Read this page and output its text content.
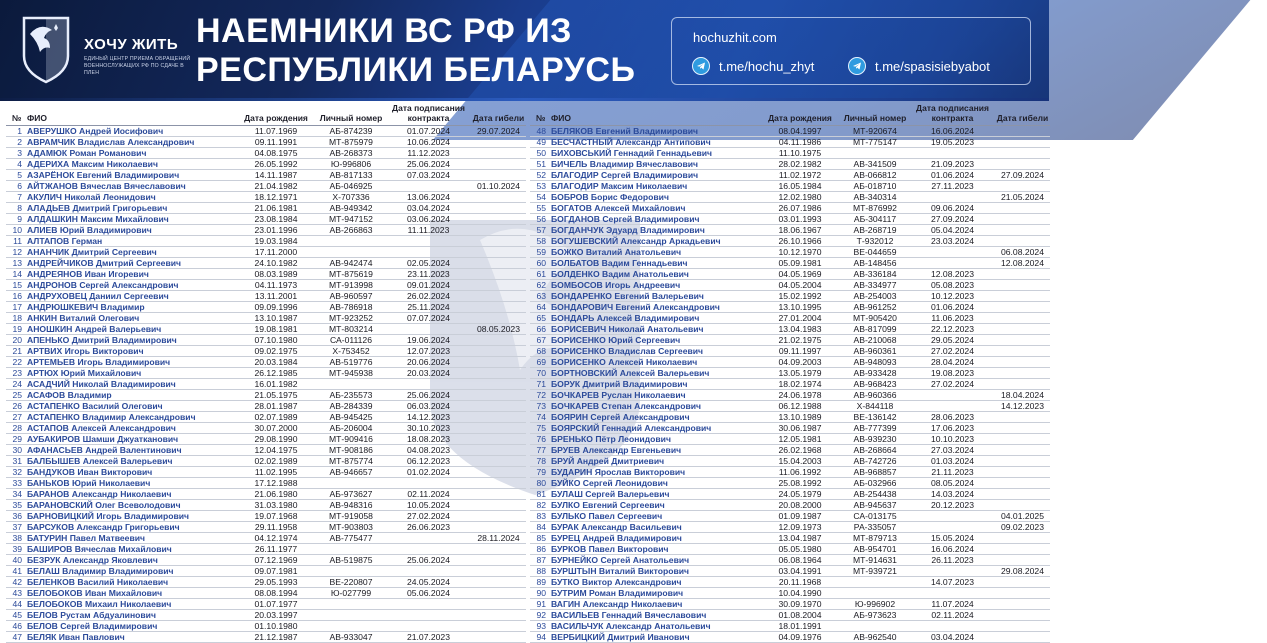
ХОЧУ ЖИТЬ
ЕДИНЫЙ ЦЕНТР ПРИЕМА ОБРАЩЕНИЙ ВОЕННОСЛУЖАЩИХ РФ ПО СДАЧЕ В ПЛЕН
НАЕМНИКИ ВС РФ ИЗ
РЕСПУБЛИКИ БЕЛАРУСЬ
hochuzhit.com
t.me/hochu_zhyt	t.me/spasisiebyabot
№	ФИО	Дата рождения	Личный номер	Дата подписания контракта	Дата гибели
1	АВЕРУШКО Андрей Иосифович	11.07.1969	АБ-874239	01.07.2024	29.07.2024
2	АВРАМЧИК Владислав Александрович	09.11.1991	МТ-875979	10.06.2024	
3	АДАМЮК Роман Романович	04.08.1975	АВ-268373	11.12.2023	
4	АДЕРИХА Максим Николаевич	26.05.1992	Ю-996806	25.06.2024	
5	АЗАРЁНОК Евгений Владимирович	14.11.1987	АВ-817133	07.03.2024	
6	АЙТЖАНОВ Вячеслав Вячеславович	21.04.1982	АБ-046925		01.10.2024
7	АКУЛИЧ Николай Леонидович	18.12.1971	Х-707336	13.06.2024	
8	АЛАДЬЕВ Дмитрий Григорьевич	21.06.1981	АВ-949342	03.04.2024	
9	АЛДАШКИН Максим Михайлович	23.08.1984	МТ-947152	03.06.2024	
10	АЛИЕВ Юрий Владимирович	23.01.1996	АВ-266863	11.11.2023	
11	АЛТАПОВ Герман	19.03.1984			
12	АНАНЧИК Дмитрий Сергеевич	17.11.2000			
13	АНДРЕЙЧИКОВ Дмитрий Сергеевич	24.10.1982	АВ-942474	02.05.2024	
14	АНДРЕЯНОВ Иван Игоревич	08.03.1989	МТ-875619	23.11.2023	
15	АНДРОНОВ Сергей Александрович	04.11.1973	МТ-913998	09.01.2024	
16	АНДРУХОВЕЦ Даниил Сергеевич	13.11.2001	АВ-960597	26.02.2024	
17	АНДРЮШКЕВИЧ Владимир	09.09.1996	АВ-786918	25.11.2024	
18	АНКИН Виталий Олегович	13.10.1987	МТ-923252	07.07.2024	
19	АНОШКИН Андрей Валерьевич	19.08.1981	МТ-803214		08.05.2023
20	АПЕНЬКО Дмитрий Владимирович	07.10.1980	СА-011126	19.06.2024	
21	АРТВИХ Игорь Викторович	09.02.1975	Х-753452	12.07.2023	
22	АРТЕМЬЕВ Игорь Владимирович	20.03.1984	АВ-519776	20.06.2024	
23	АРТЮХ Юрий Михайлович	26.12.1985	МТ-945938	20.03.2024	
24	АСАДЧИЙ Николай Владимирович	16.01.1982			
25	АСАФОВ Владимир	21.05.1975	АБ-235573	25.06.2024	
26	АСТАПЕНКО Василий Олегович	28.01.1987	АВ-284339	06.03.2024	
27	АСТАПЕНКО Владимир Александрович	02.07.1989	АВ-945425	14.12.2023	
28	АСТАПОВ Алексей Александрович	30.07.2000	АБ-206004	30.10.2023	
29	АУБАКИРОВ Шамши Джуатканович	29.08.1990	МТ-909416	18.08.2023	
30	АФАНАСЬЕВ Андрей Валентинович	12.04.1975	МТ-908186	04.08.2023	
31	БАЛБЫШЕВ Алексей Валерьевич	02.02.1989	МТ-875774	06.12.2023	
32	БАНДУКОВ Иван Викторович	11.02.1995	АВ-946657	01.02.2024	
33	БАНЬКОВ Юрий Николаевич	17.12.1988			
34	БАРАНОВ Александр Николаевич	21.06.1980	АБ-973627	02.11.2024	
35	БАРАНОВСКИЙ Олег Всеволодович	31.03.1980	АВ-948316	10.05.2024	
36	БАРНОВИЦКИЙ Игорь Владимирович	19.07.1968	МТ-919058	27.02.2024	
37	БАРСУКОВ Александр Григорьевич	29.11.1958	МТ-903803	26.06.2023	
38	БАТУРИН Павел Матвеевич	04.12.1974	АВ-775477		28.11.2024
39	БАШИРОВ Вячеслав Михайлович	26.11.1977			
40	БЕЗРУК Александр Яковлевич	07.12.1969	АВ-519875	25.06.2024	
41	БЕЛАШ Владимир Владимирович	09.07.1981			
42	БЕЛЕНКОВ Василий Николаевич	29.05.1993	ВЕ-220807	24.05.2024	
43	БЕЛОБОКОВ Иван Михайлович	08.08.1994	Ю-027799	05.06.2024	
44	БЕЛОБОКОВ Михаил Николаевич	01.07.1977			
45	БЕЛОВ Рустам Абдуалинович	20.03.1997			
46	БЕЛОВ Сергей Владимирович	01.10.1980			
47	БЕЛЯК Иван Павлович	21.12.1987	АВ-933047	21.07.2023	
№	ФИО	Дата рождения	Личный номер	Дата подписания контракта	Дата гибели
48	БЕЛЯКОВ Евгений Владимирович	08.04.1997	МТ-920674	16.06.2024	
49	БЕСЧАСТНЫЙ Александр Антипович	04.11.1986	МТ-775147	19.05.2023	
50	БИХОВСЬКИЙ Геннадий Геннадьевич	11.10.1975			
51	БИЧЕЛЬ Владимир Вячеславович	28.02.1982	АВ-341509	21.09.2023	
52	БЛАГОДИР Сергей Владимирович	11.02.1972	АВ-066812	01.06.2024	27.09.2024
53	БЛАГОДИР Максим Николаевич	16.05.1984	АБ-018710	27.11.2023	
54	БОБРОВ Борис Федорович	12.02.1980	АВ-340314		21.05.2024
55	БОГАТОВ Алексей Михайлович	26.07.1986	МТ-876992	09.06.2024	
56	БОГДАНОВ Сергей Владимирович	03.01.1993	АБ-304117	27.09.2024	
57	БОГДАНЧУК Эдуард Владимирович	18.06.1967	АВ-268719	05.04.2024	
58	БОГУШЕВСКИЙ Александр Аркадьевич	26.10.1966	Т-932012	23.03.2024	
59	БОЖКО Виталий Анатольевич	10.12.1970	ВЕ-044659		06.08.2024
60	БОЛБАТОВ Вадим Геннадьевич	05.09.1981	АВ-148456		12.08.2024
61	БОЛДЕНКО Вадим Анатольевич	04.05.1969	АВ-336184	12.08.2023	
62	БОМБОСОВ Игорь Андреевич	04.05.2004	АВ-334977	05.08.2023	
63	БОНДАРЕНКО Евгений Валерьевич	15.02.1992	АВ-254003	10.12.2023	
64	БОНДАРОВИЧ Евгений Александрович	13.10.1995	АВ-961252	01.06.2024	
65	БОНДАРЬ Алексей Владимирович	27.01.2004	МТ-905420	11.06.2023	
66	БОРИСЕВИЧ Николай Анатольевич	13.04.1983	АВ-817099	22.12.2023	
67	БОРИСЕНКО Юрий Сергеевич	21.02.1975	АВ-210068	29.05.2024	
68	БОРИСЕНКО Владислав Сергеевич	09.11.1997	АВ-960361	27.02.2024	
69	БОРИСЕНКО Алексей Николаевич	04.09.2003	АВ-948093	28.04.2024	
70	БОРТНОВСКИЙ Алексей Валерьевич	13.05.1979	АВ-933428	19.08.2023	
71	БОРУК Дмитрий Владимирович	18.02.1974	АВ-968423	27.02.2024	
72	БОЧКАРЕВ Руслан Николаевич	24.06.1978	АВ-960366		18.04.2024
73	БОЧКАРЕВ Степан Александрович	06.12.1988	Х-844118		14.12.2023
74	БОЯРИН Сергей Александрович	13.10.1989	ВЕ-136142	28.06.2023	
75	БОЯРСКИЙ Геннадий Александрович	30.06.1987	АВ-777399	17.06.2023	
76	БРЕНЬКО Пётр Леонидович	12.05.1981	АВ-939230	10.10.2023	
77	БРУЕВ Александр Евгеньевич	26.02.1968	АВ-268664	27.03.2024	
78	БРУЙ Андрей Дмитриевич	15.04.2003	АВ-742726	01.03.2024	
79	БУДАРИН Ярослав Викторович	11.06.1992	АВ-968857	21.11.2023	
80	БУЙКО Сергей Леонидович	25.08.1992	АБ-032966	08.05.2024	
81	БУЛАШ Сергей Валерьевич	24.05.1979	АВ-254438	14.03.2024	
82	БУЛКО Евгений Сергеевич	20.08.2000	АВ-945637	20.12.2023	
83	БУЛЬКО Павел Сергеевич	01.09.1987	СА-013175		04.01.2025
84	БУРАК Александр Васильевич	12.09.1973	РА-335057		09.02.2023
85	БУРЕЦ Андрей Владимирович	13.04.1987	МТ-879713	15.05.2024	
86	БУРКОВ Павел Викторович	05.05.1980	АВ-954701	16.06.2024	
87	БУРНЕЙКО Сергей Анатольевич	06.08.1964	МТ-914631	26.11.2023	
88	БУРШТЫН Виталий Викторович	03.04.1991	МТ-939721		29.08.2024
89	БУТКО Виктор Александрович	20.11.1968		14.07.2023	
90	БУТРИМ Роман Владимирович	10.04.1990			
91	ВАГИН Александр Николаевич	30.09.1970	Ю-996902	11.07.2024	
92	ВАСИЛЬЕВ Геннадий Вячеславович	01.08.2004	АБ-973623	02.11.2024	
93	ВАСИЛЬЧУК Александр Анатольевич	18.01.1991			
94	ВЕРБИЦКИЙ Дмитрий Иванович	04.09.1976	АВ-962540	03.04.2024	
